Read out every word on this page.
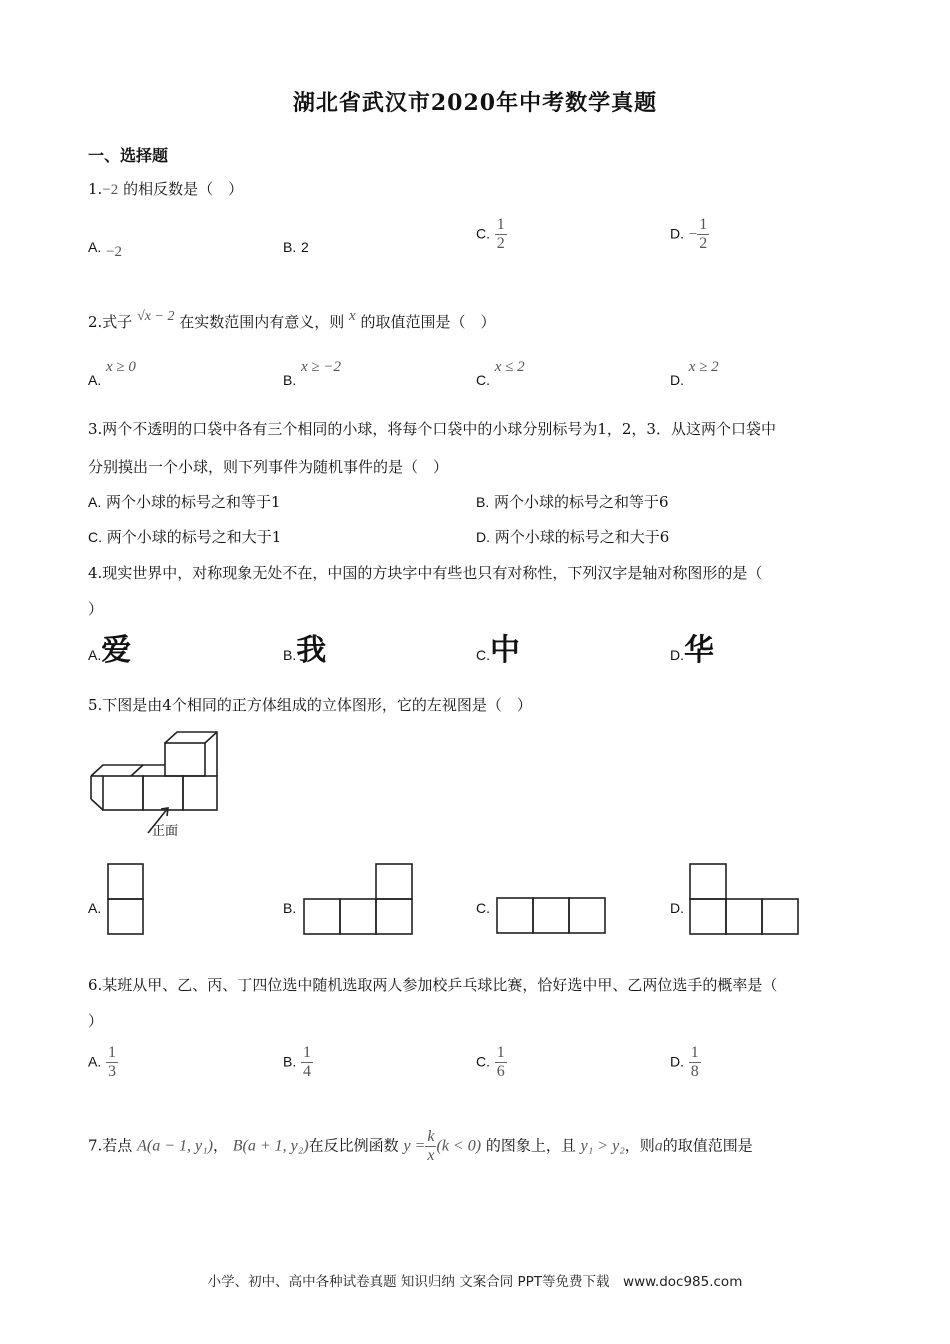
湖北省武汉市2020年中考数学真题
一、选择题
1.−2 的相反数是（　）
A. −2	B. 2
C. $\frac{1}{2}$	D. − $\frac{1}{2}$
2.式子 √x − 2 在实数范围内有意义，则 x 的取值范围是（　）
A. x ≥ 0
B. x ≥ −2
C. x ≤ 2
D. x ≥ 2
3.两个不透明的口袋中各有三个相同的小球，将每个口袋中的小球分别标号为1，2，3．从这两个口袋中
分别摸出一个小球，则下列事件为随机事件的是（　）
A. 两个小球的标号之和等于1	B. 两个小球的标号之和等于6
C. 两个小球的标号之和大于1	D. 两个小球的标号之和大于6
4.现实世界中，对称现象无处不在，中国的方块字中有些也只有对称性，下列汉字是轴对称图形的是（
）
A.爱	B.我	C.中	D.华
5.下图是由4个相同的正方体组成的立体图形，它的左视图是（　）
正面
A.	B.	C.	D.
6.某班从甲、乙、丙、丁四位选中随机选取两人参加校乒乓球比赛，恰好选中甲、乙两位选手的概率是（
）
A. $\frac{1}{3}$	B. $\frac{1}{4}$	C. $\frac{1}{6}$	D. $\frac{1}{8}$
7.若点 A(a − 1, y₁)， B(a + 1, y₂)在反比例函数 $y = \frac{k}{x} (k < 0)$ 的图象上，且 y₁ > y₂，则a的取值范围是
小学、初中、高中各种试卷真题 知识归纳 文案合同 PPT等免费下载　www.doc985.com
